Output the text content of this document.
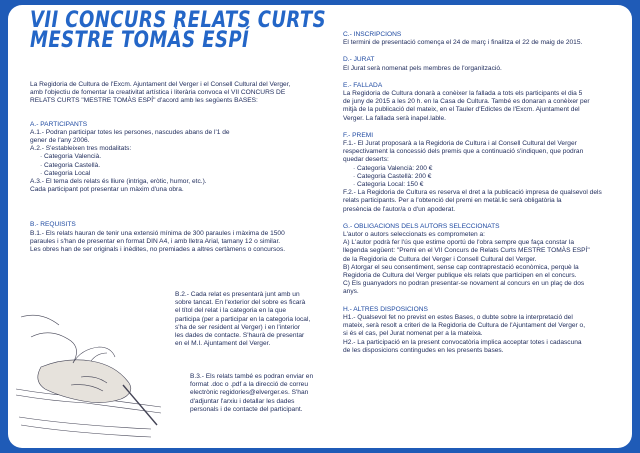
VII CONCURS RELATS CURTS
MESTRE TOMÀS ESPÍ

La Regidoria de Cultura de l'Excm. Ajuntament del Verger i el Consell Cultural del Verger,

amb l'objectiu de fomentar la creativitat artística i literària convoca el VII CONCURS DE

RELATS CURTS "MESTRE TOMÀS ESPÍ" d'acord amb les següents BASES:

A.- PARTICIPANTS

A.1.- Podran participar totes les persones, nascudes abans de l'1 de

gener de l'any 2006.

A.2.- S'estableixen tres modalitats:

· Categoria Valencià.

· Categoria Castellà.

· Categoria Local

A.3.- El tema dels relats és lliure (intriga, eròtic, humor, etc.).

Cada participant pot presentar un màxim d'una obra.

B.- REQUISITS

B.1.- Els relats hauran de tenir una extensió mínima de 300 paraules i màxima de 1500

paraules i s'han de presentar en format DIN A4, i amb lletra Arial, tamany 12 o similar.

Les obres han de ser originals i inèdites, no premiades a altres certàmens o concursos.

B.2.- Cada relat es presentarà junt amb un

sobre tancat. En l'exterior del sobre es ficarà

el títol del relat i la categoria en la que

participa (per a participar en la categoria local,

s'ha de ser resident al Verger) i en l'interior

les dades de contacte. S'haurà de presentar

en el M.I. Ajuntament del Verger.

B.3.- Els relats també es podran enviar en

format .doc o .pdf a la direcció de correu

electrònic regidories@elverger.es. S'han

d'adjuntar l'arxiu i detallar les dades

personals i de contacte del participant.

C.- INSCRIPCIONS

El termini de presentació comença el 24 de març i finalitza el 22 de maig de 2015.

D.- JURAT

El Jurat serà nomenat pels membres de l'organització.

E.- FALLADA

La Regidoria de Cultura donarà a conèixer la fallada a tots els participants el dia 5

de juny de 2015 a les 20 h. en la Casa de Cultura. També es donaran a conèixer per

mitjà de la publicació del mateix, en el Tauler d'Edictes de l'Excm. Ajuntament del

Verger. La fallada serà inapel.lable.

F.- PREMI

F.1.- El Jurat proposarà a la Regidoria de Cultura i al Consell Cultural del Verger

respectivament la concessió dels premis que a continuació s'indiquen, que podran

quedar deserts:

· Categoria Valencià: 200 €

· Categoria Castellà: 200 €

· Categoria Local: 150 €

F.2.- La Regidoria de Cultura es reserva el dret a la publicació impresa de qualsevol dels

relats participants. Per a l'obtenció del premi en metàl.lic serà obligatòria la

presència de l'autor/a o d'un apoderat.

G.- OBLIGACIONS DELS AUTORS SELECCIONATS

L'autor o autors seleccionats es comprometen a:

A) L'autor podrà fer l'ús que estime oportú de l'obra sempre que faça constar la

llegenda següent: "Premi en el VII Concurs de Relats Curts MESTRE TOMÀS ESPÍ"

de la Regidoria de Cultura del Verger i Consell Cultural del Verger.

B) Atorgar el seu consentiment, sense cap contraprestació econòmica, perquè la

Regidoria de Cultura del Verger publique els relats que participen en el concurs.

C) Els guanyadors no podran presentar-se novament al concurs en un plaç de dos

anys.

H.- ALTRES DISPOSICIONS

H1.- Qualsevol fet no previst en estes Bases, o dubte sobre la interpretació del

mateix, serà resolt a criteri de la Regidoria de Cultura de l'Ajuntament del Verger o,

si és el cas, pel Jurat nomenat per a la mateixa.

H2.- La participació en la present convocatòria implica acceptar totes i cadascuna

de les disposicions contingudes en les presents bases.
